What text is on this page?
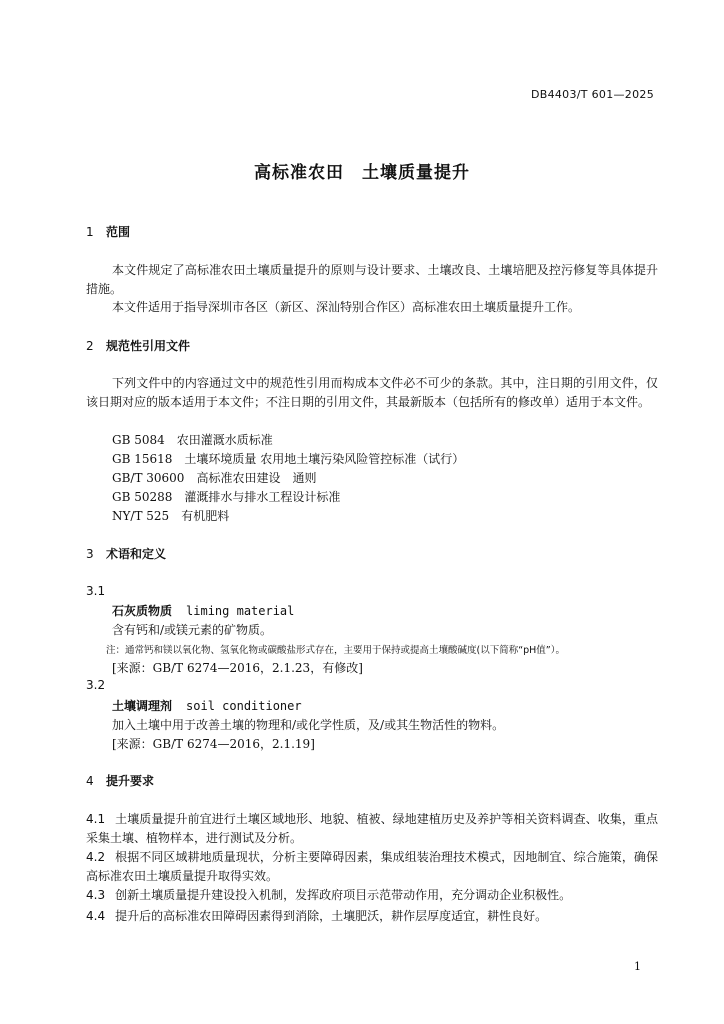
DB4403/T 601—2025
高标准农田 土壤质量提升
1 范围
本文件规定了高标准农田土壤质量提升的原则与设计要求、土壤改良、土壤培肥及控污修复等具体提升措施。
本文件适用于指导深圳市各区（新区、深汕特别合作区）高标准农田土壤质量提升工作。
2 规范性引用文件
下列文件中的内容通过文中的规范性引用而构成本文件必不可少的条款。其中，注日期的引用文件，仅该日期对应的版本适用于本文件；不注日期的引用文件，其最新版本（包括所有的修改单）适用于本文件。
GB 5084　农田灌溉水质标准
GB 15618　土壤环境质量 农用地土壤污染风险管控标准（试行）
GB/T 30600　高标准农田建设　通则
GB 50288　灌溉排水与排水工程设计标准
NY/T 525　有机肥料
3 术语和定义
3.1
石灰质物质 liming material
含有钙和/或镁元素的矿物质。
注：通常钙和镁以氧化物、氢氧化物或碳酸盐形式存在，主要用于保持或提高土壤酸碱度(以下简称“pH值”）。
[来源：GB/T 6274—2016，2.1.23，有修改]
3.2
土壤调理剂 soil conditioner
加入土壤中用于改善土壤的物理和/或化学性质，及/或其生物活性的物料。
[来源：GB/T 6274—2016，2.1.19]
4 提升要求
4.1 土壤质量提升前宜进行土壤区域地形、地貌、植被、绿地建植历史及养护等相关资料调查、收集，重点采集土壤、植物样本，进行测试及分析。
4.2 根据不同区域耕地质量现状，分析主要障碍因素，集成组装治理技术模式，因地制宜、综合施策，确保高标准农田土壤质量提升取得实效。
4.3 创新土壤质量提升建设投入机制，发挥政府项目示范带动作用，充分调动企业积极性。
4.4 提升后的高标准农田障碍因素得到消除，土壤肥沃，耕作层厚度适宜，耕性良好。
1
